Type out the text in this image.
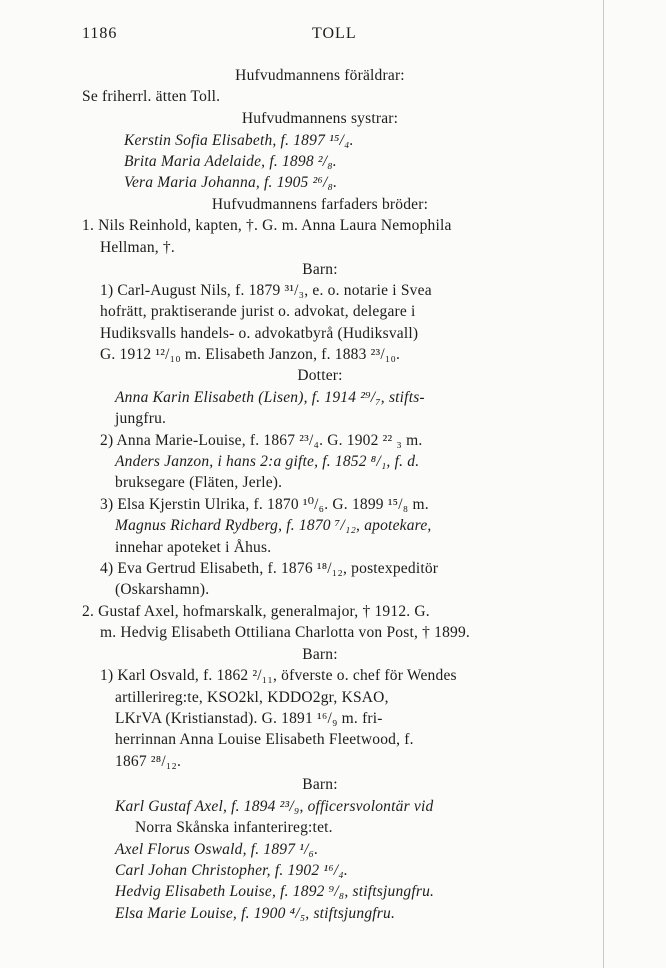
1186	TOLL
Hufvudmannens föräldrar:
Se friherrl. ätten Toll.
Hufvudmannens systrar:
Kerstin Sofia Elisabeth, f. 1897 ¹⁵/₄.
Brita Maria Adelaide, f. 1898 ²/₈.
Vera Maria Johanna, f. 1905 ²⁶/₈.
Hufvudmannens farfaders bröder:
1. Nils Reinhold, kapten, †. G. m. Anna Laura Nemophila
Hellman, †.
Barn:
1) Carl-August Nils, f. 1879 ³¹/₃, e. o. notarie i Svea
hofrätt, praktiserande jurist o. advokat, delegare i
Hudiksvalls handels- o. advokatbyrå (Hudiksvall)
G. 1912 ¹²/₁₀ m. Elisabeth Janzon, f. 1883 ²³/₁₀.
Dotter:
Anna Karin Elisabeth (Lisen), f. 1914 ²⁹/₇, stifts-
jungfru.
2) Anna Marie-Louise, f. 1867 ²³/₄. G. 1902 ²² ₃ m.
Anders Janzon, i hans 2:a gifte, f. 1852 ⁸/₁, f. d.
bruksegare (Fläten, Jerle).
3) Elsa Kjerstin Ulrika, f. 1870 ¹⁰/₆. G. 1899 ¹⁵/₈ m.
Magnus Richard Rydberg, f. 1870 ⁷/₁₂, apotekare,
innehar apoteket i Åhus.
4) Eva Gertrud Elisabeth, f. 1876 ¹⁸/₁₂, postexpeditör
(Oskarshamn).
2. Gustaf Axel, hofmarskalk, generalmajor, † 1912. G.
m. Hedvig Elisabeth Ottiliana Charlotta von Post, † 1899.
Barn:
1) Karl Osvald, f. 1862 ²/₁₁, öfverste o. chef för Wendes
artillerireg:te, KSO2kl, KDDO2gr, KSAO,
LKrVA (Kristianstad). G. 1891 ¹⁶/₉ m. fri-
herrinnan Anna Louise Elisabeth Fleetwood, f.
1867 ²⁸/₁₂.
Barn:
Karl Gustaf Axel, f. 1894 ²³/₉, officersvolontär vid
Norra Skånska infanterireg:tet.
Axel Florus Oswald, f. 1897 ¹/₆.
Carl Johan Christopher, f. 1902 ¹⁶/₄.
Hedvig Elisabeth Louise, f. 1892 ⁹/₈, stiftsjungfru.
Elsa Marie Louise, f. 1900 ⁴/₅, stiftsjungfru.
